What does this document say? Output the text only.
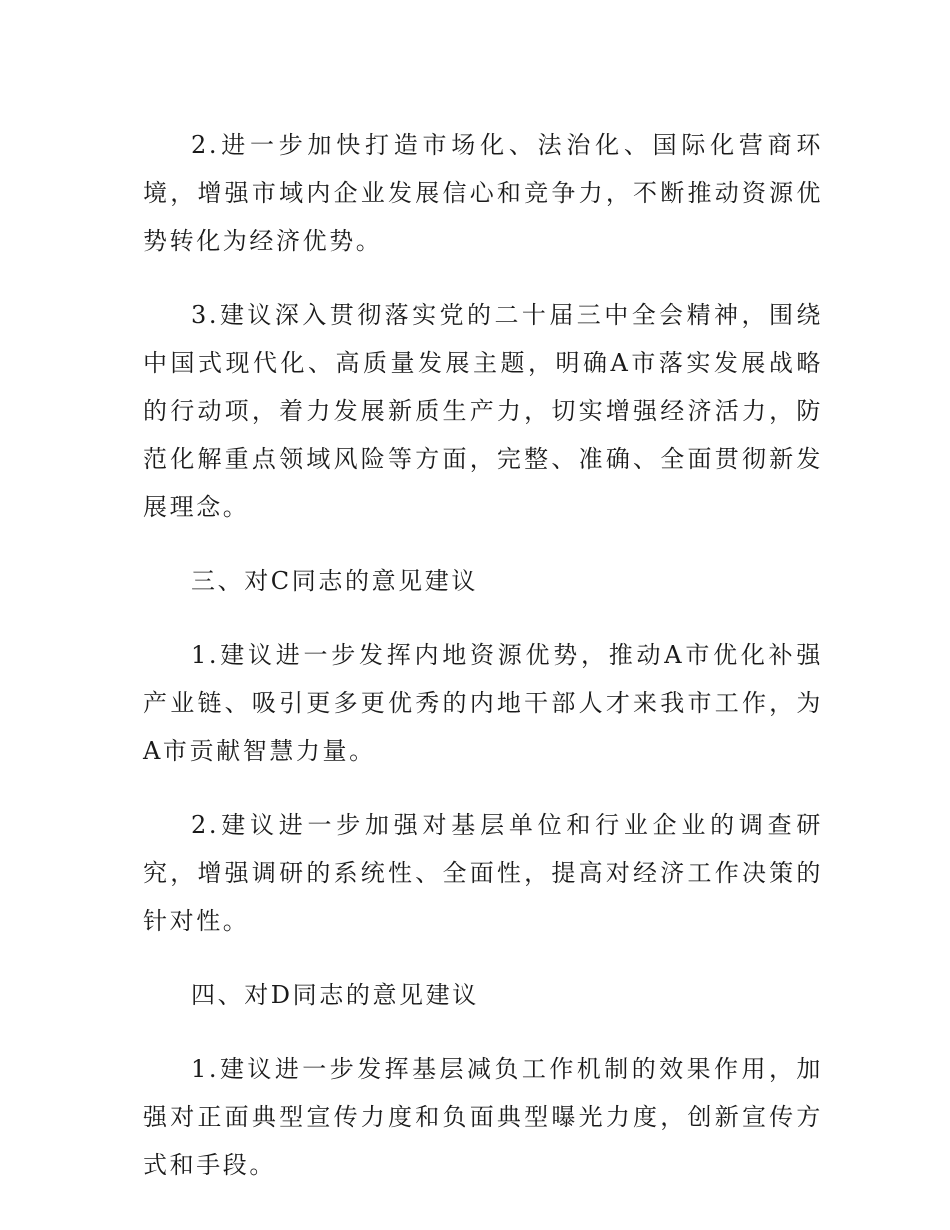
2.进一步加快打造市场化、法治化、国际化营商环境，增强市域内企业发展信心和竞争力，不断推动资源优势转化为经济优势。

3.建议深入贯彻落实党的二十届三中全会精神，围绕中国式现代化、高质量发展主题，明确A市落实发展战略的行动项，着力发展新质生产力，切实增强经济活力，防范化解重点领域风险等方面，完整、准确、全面贯彻新发展理念。

三、对C同志的意见建议

1.建议进一步发挥内地资源优势，推动A市优化补强产业链、吸引更多更优秀的内地干部人才来我市工作，为A市贡献智慧力量。

2.建议进一步加强对基层单位和行业企业的调查研究，增强调研的系统性、全面性，提高对经济工作决策的针对性。

四、对D同志的意见建议

1.建议进一步发挥基层减负工作机制的效果作用，加强对正面典型宣传力度和负面典型曝光力度，创新宣传方式和手段。
